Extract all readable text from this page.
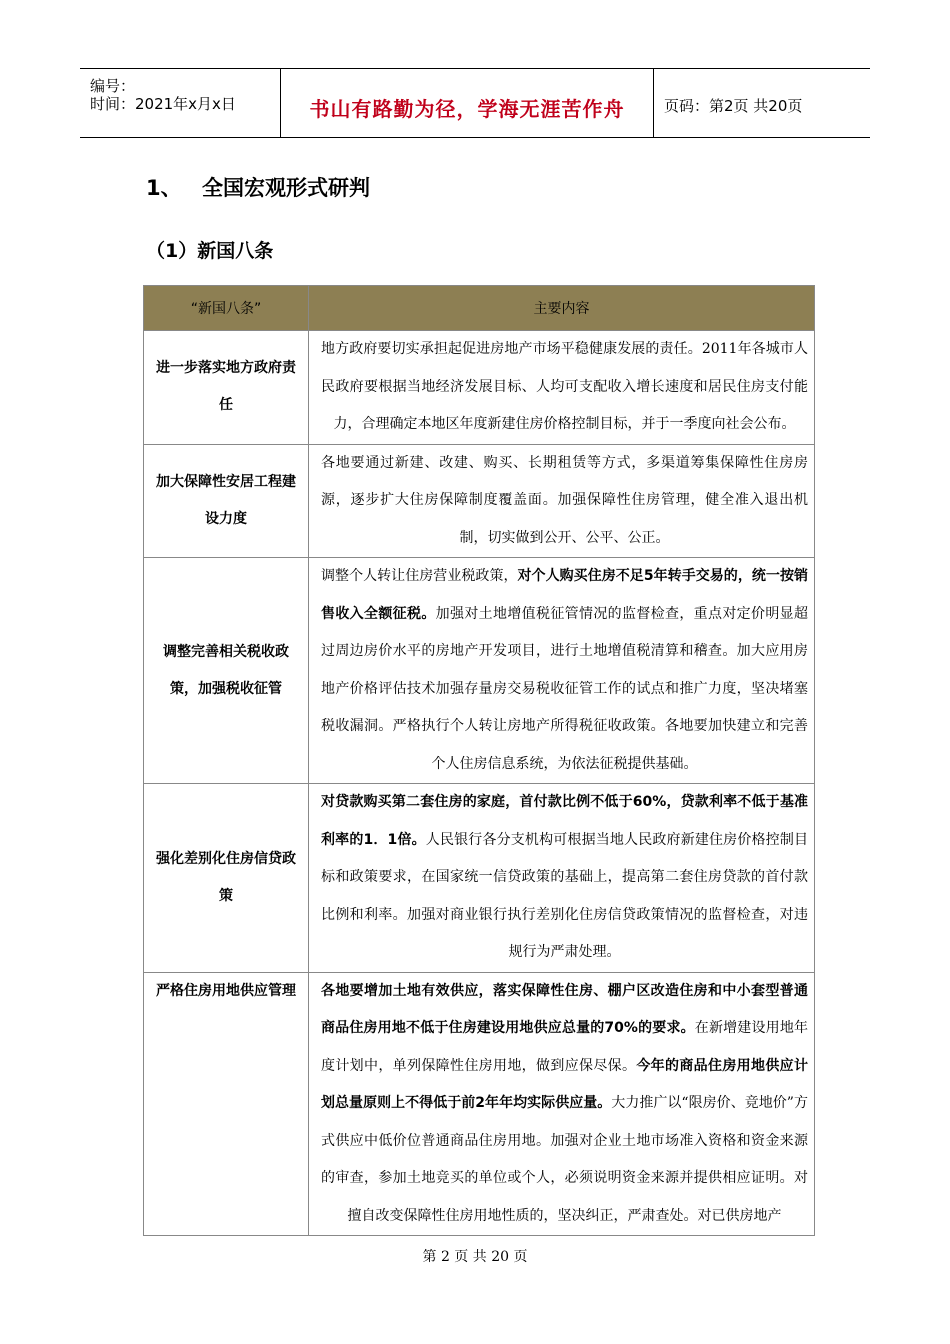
编号：
时间：2021年x月x日	书山有路勤为径，学海无涯苦作舟	页码：第2页 共20页
1、 全国宏观形式研判
（1）新国八条
“新国八条”	主要内容
进一步落实地方政府责任	地方政府要切实承担起促进房地产市场平稳健康发展的责任。2011年各城市人民政府要根据当地经济发展目标、人均可支配收入增长速度和居民住房支付能力，合理确定本地区年度新建住房价格控制目标，并于一季度向社会公布。
加大保障性安居工程建设力度	各地要通过新建、改建、购买、长期租赁等方式，多渠道筹集保障性住房房源，逐步扩大住房保障制度覆盖面。加强保障性住房管理，健全准入退出机制，切实做到公开、公平、公正。
调整完善相关税收政策，加强税收征管	调整个人转让住房营业税政策，对个人购买住房不足5年转手交易的，统一按销售收入全额征税。加强对土地增值税征管情况的监督检查，重点对定价明显超过周边房价水平的房地产开发项目，进行土地增值税清算和稽查。加大应用房地产价格评估技术加强存量房交易税收征管工作的试点和推广力度，坚决堵塞税收漏洞。严格执行个人转让房地产所得税征收政策。各地要加快建立和完善个人住房信息系统，为依法征税提供基础。
强化差别化住房信贷政策	对贷款购买第二套住房的家庭，首付款比例不低于60%，贷款利率不低于基准利率的1．1倍。人民银行各分支机构可根据当地人民政府新建住房价格控制目标和政策要求，在国家统一信贷政策的基础上，提高第二套住房贷款的首付款比例和利率。加强对商业银行执行差别化住房信贷政策情况的监督检查，对违规行为严肃处理。
严格住房用地供应管理	各地要增加土地有效供应，落实保障性住房、棚户区改造住房和中小套型普通商品住房用地不低于住房建设用地供应总量的70%的要求。在新增建设用地年度计划中，单列保障性住房用地，做到应保尽保。今年的商品住房用地供应计划总量原则上不得低于前2年年均实际供应量。大力推广以“限房价、竞地价”方式供应中低价位普通商品住房用地。加强对企业土地市场准入资格和资金来源的审查，参加土地竞买的单位或个人，必须说明资金来源并提供相应证明。对擅自改变保障性住房用地性质的，坚决纠正，严肃查处。对已供房地产
第 2 页 共 20 页
